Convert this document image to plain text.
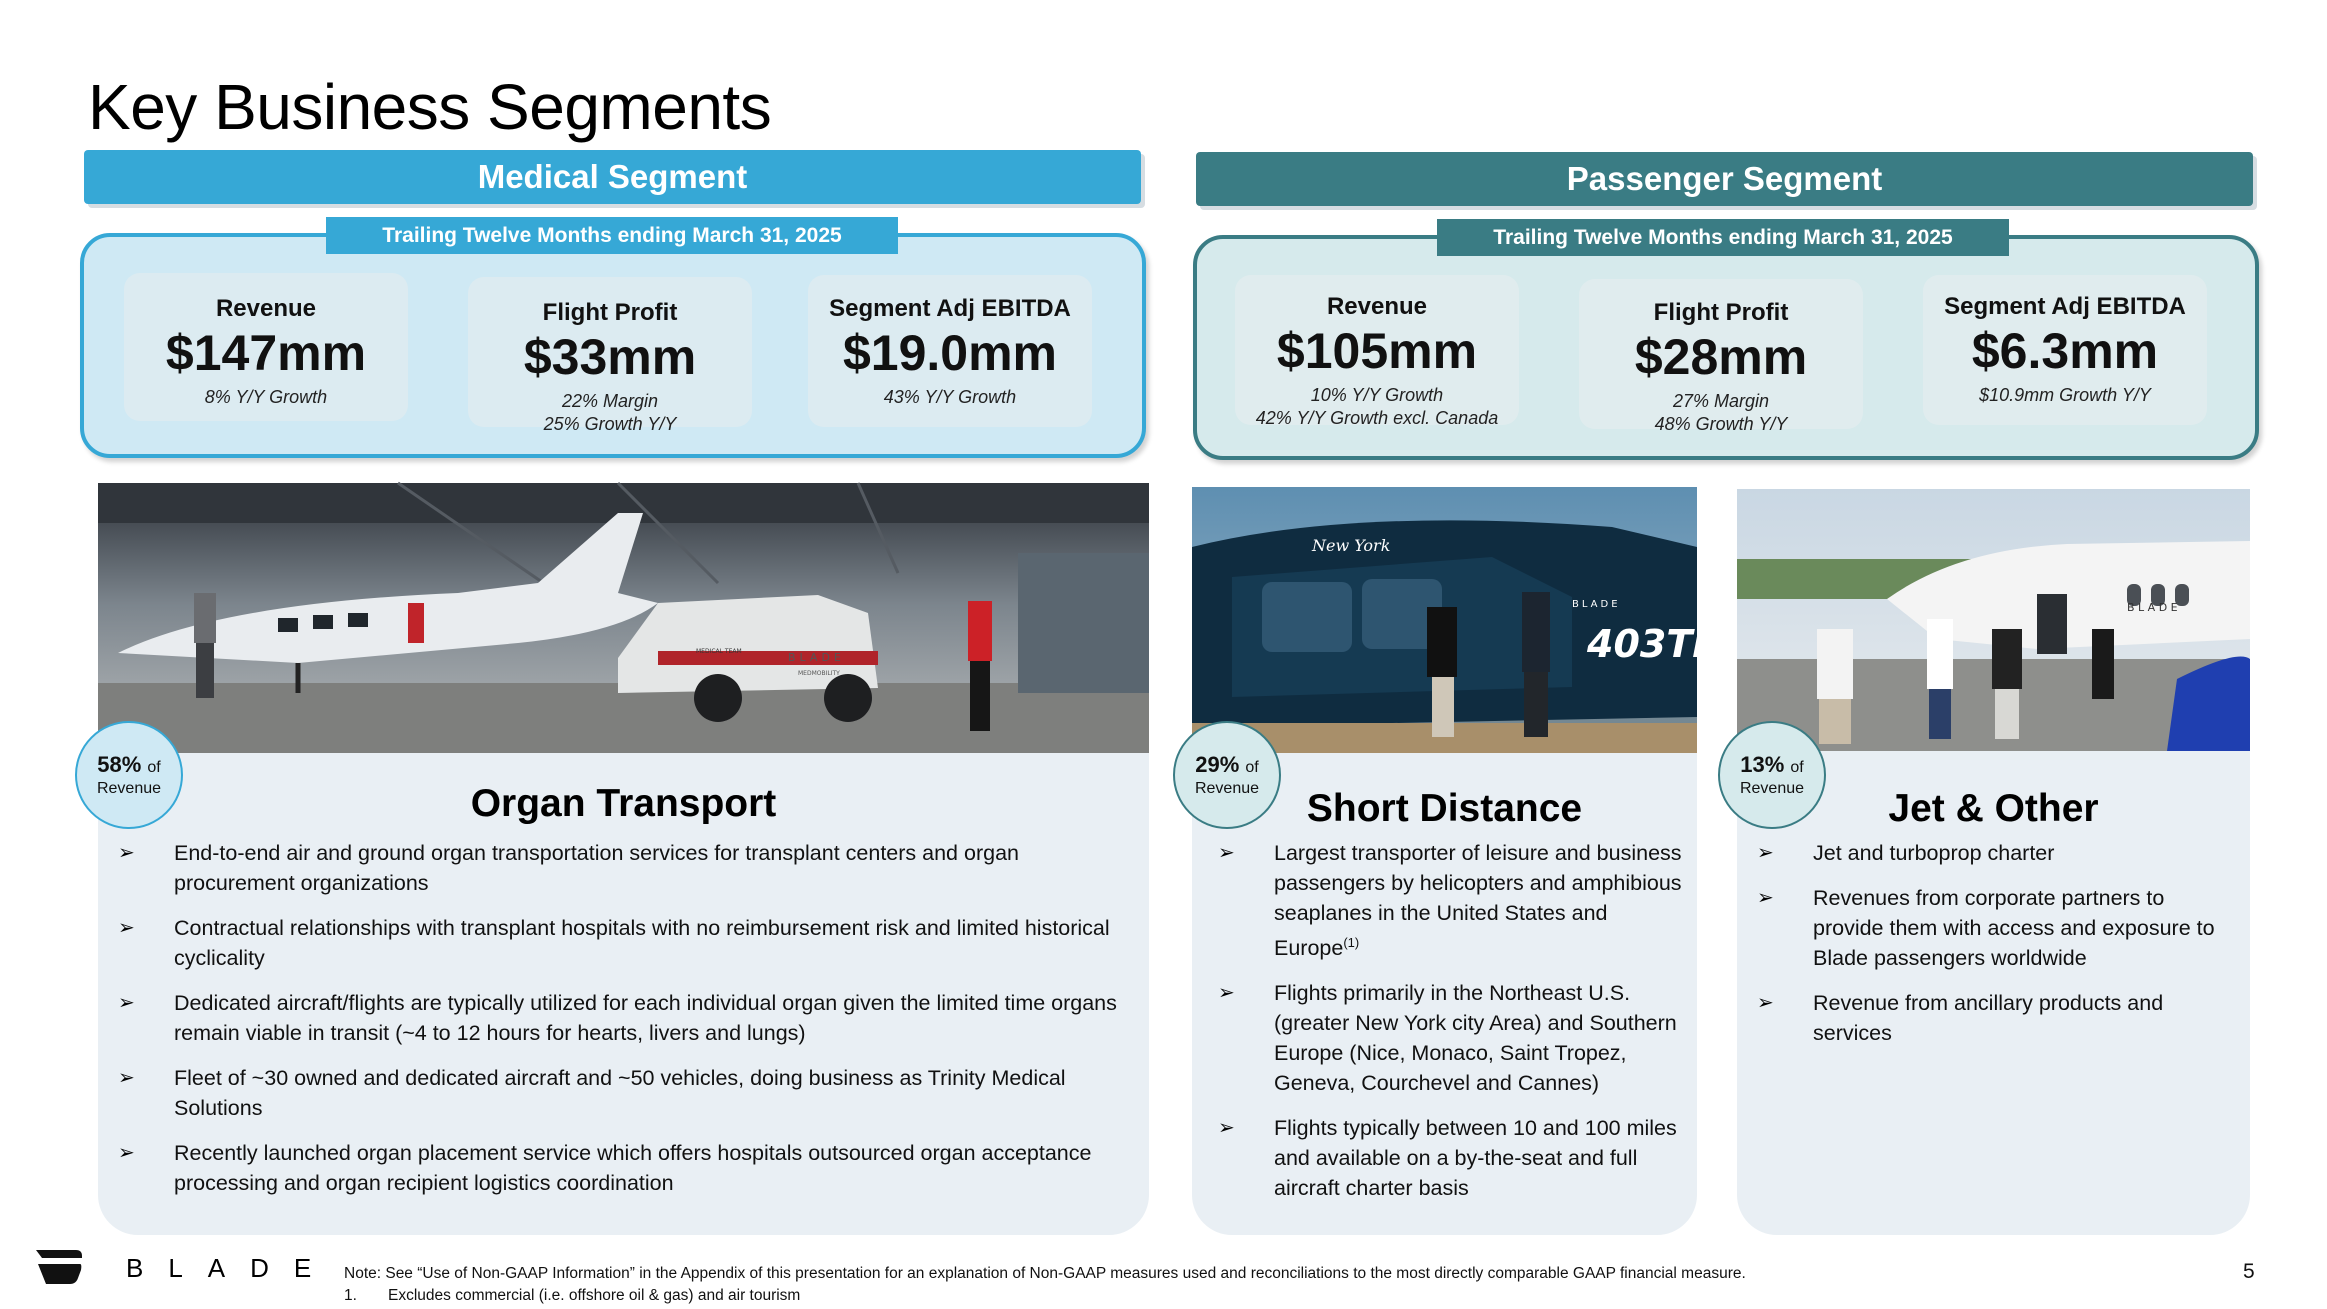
Key Business Segments
Medical Segment	Passenger Segment
Revenue
$147mm
8% Y/Y Growth
Flight Profit
$33mm
22% Margin
25% Growth Y/Y
Segment Adj EBITDA
$19.0mm
43% Y/Y Growth
Trailing Twelve Months ending March 31, 2025
Revenue
$105mm
10% Y/Y Growth
42% Y/Y Growth excl. Canada
Flight Profit
$28mm
27% Margin
48% Growth Y/Y
Segment Adj EBITDA
$6.3mm
$10.9mm Growth Y/Y
Trailing Twelve Months ending March 31, 2025
BLADE
MEDMOBILITY
MEDICAL TEAM
Organ Transport
➢ End-to-end air and ground organ transportation services for transplant centers and organ procurement organizations
➢ Contractual relationships with transplant hospitals with no reimbursement risk and limited historical cyclicality
➢ Dedicated aircraft/flights are typically utilized for each individual organ given the limited time organs remain viable in transit (~4 to 12 hours for hearts, livers and lungs)
➢ Fleet of ~30 owned and dedicated aircraft and ~50 vehicles, doing business as Trinity Medical Solutions
➢ Recently launched organ placement service which offers hospitals outsourced organ acceptance processing and organ recipient logistics coordination
58% of
Revenue
403TD
BLADE
New York
Short Distance
➢ Largest transporter of leisure and business passengers by helicopters and amphibious seaplanes in the United States and Europe$^{(1)}$
➢ Flights primarily in the Northeast U.S. (greater New York city Area) and Southern Europe (Nice, Monaco, Saint Tropez, Geneva, Courchevel and Cannes)
➢ Flights typically between 10 and 100 miles and available on a by-the-seat and full aircraft charter basis
29% of
Revenue
B L A D E
Jet & Other
➢ Jet and turboprop charter
➢ Revenues from corporate partners to provide them with access and exposure to Blade passengers worldwide
➢ Revenue from ancillary products and services
13% of
Revenue
BLADE Note: See “Use of Non-GAAP Information” in the Appendix of this presentation for an explanation of Non-GAAP measures used and reconciliations to the most directly comparable GAAP financial measure.
1. Excludes commercial (i.e. offshore oil & gas) and air tourism
5
